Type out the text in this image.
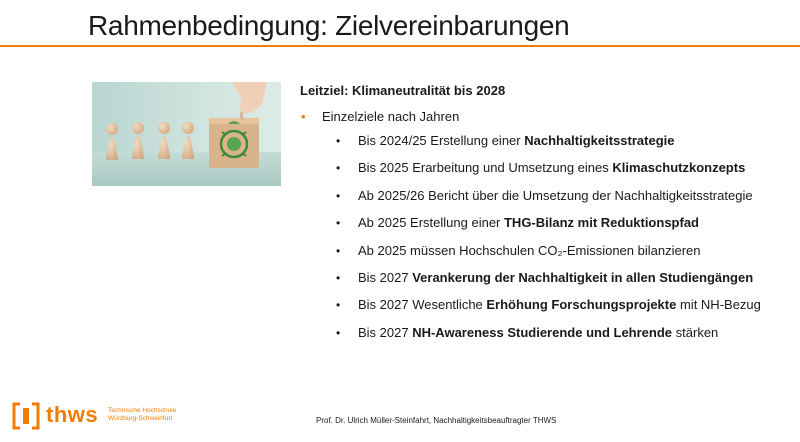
Rahmenbedingung: Zielvereinbarungen
Leitziel: Klimaneutralität bis 2028
• Einzelziele nach Jahren
• Bis 2024/25 Erstellung einer Nachhaltigkeitsstrategie
• Bis 2025 Erarbeitung und Umsetzung eines Klimaschutzkonzepts
• Ab 2025/26 Bericht über die Umsetzung der Nachhaltigkeitsstrategie
• Ab 2025 Erstellung einer THG-Bilanz mit Reduktionspfad
• Ab 2025 müssen Hochschulen CO₂-Emissionen bilanzieren
• Bis 2027 Verankerung der Nachhaltigkeit in allen Studiengängen
• Bis 2027 Wesentliche Erhöhung Forschungsprojekte mit NH-Bezug
• Bis 2027 NH-Awareness Studierende und Lehrende stärken
thws Technische Hochschule
Würzburg-Schweinfurt	Prof. Dr. Ulrich Müller-Steinfahrt, Nachhaltigkeitsbeauftragter THWS
